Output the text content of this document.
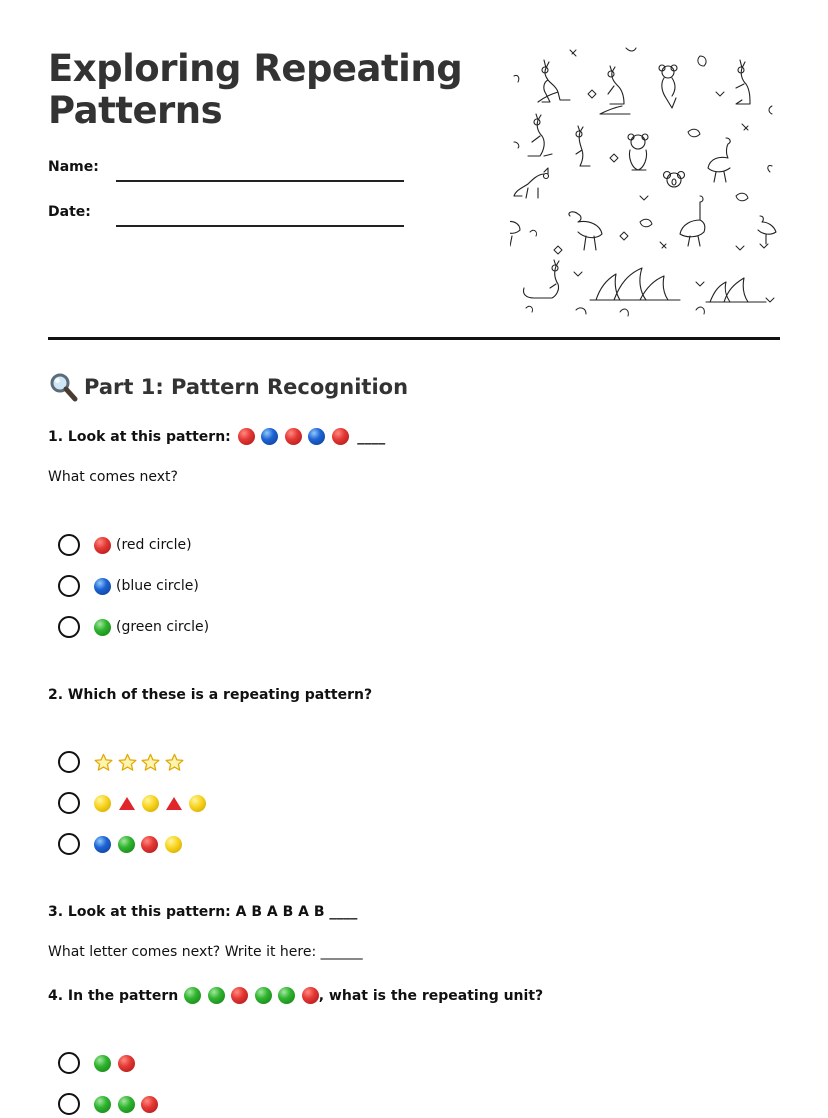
Exploring Repeating Patterns
Name:
Date:
Part 1: Pattern Recognition
1. Look at this pattern:	____
What comes next?
(red circle)
(blue circle)
(green circle)
2. Which of these is a repeating pattern?
3. Look at this pattern: A B A B A B ____
What letter comes next? Write it here: ______
4. In the pattern	, what is the repeating unit?
